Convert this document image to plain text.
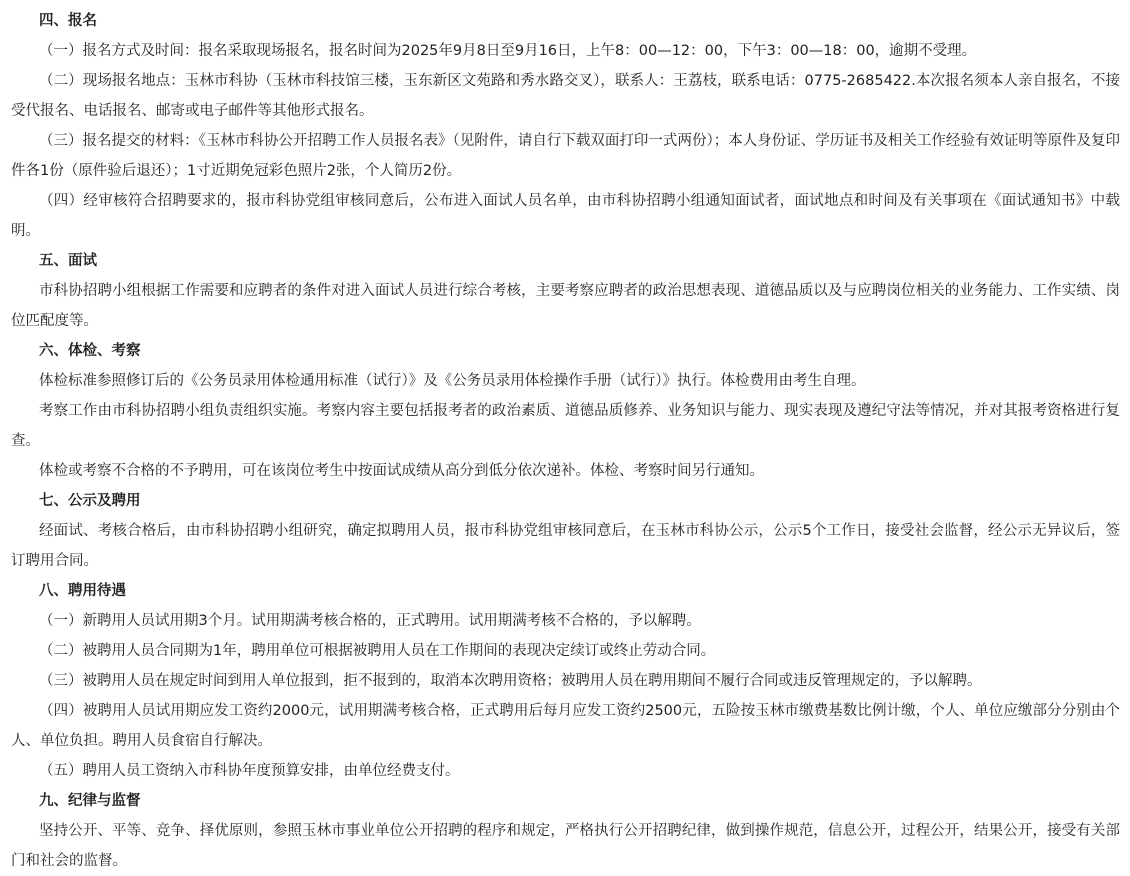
四、报名

（一）报名方式及时间：报名采取现场报名，报名时间为2025年9月8日至9月16日，上午8：00—12：00，下午3：00—18：00，逾期不受理。

（二）现场报名地点：玉林市科协（玉林市科技馆三楼，玉东新区文苑路和秀水路交叉），联系人：王荔枝，联系电话：0775-2685422.本次报名须本人亲自报名，不接受代报名、电话报名、邮寄或电子邮件等其他形式报名。

（三）报名提交的材料：《玉林市科协公开招聘工作人员报名表》（见附件，请自行下载双面打印一式两份）；本人身份证、学历证书及相关工作经验有效证明等原件及复印件各1份（原件验后退还）；1寸近期免冠彩色照片2张，个人简历2份。

（四）经审核符合招聘要求的，报市科协党组审核同意后，公布进入面试人员名单，由市科协招聘小组通知面试者，面试地点和时间及有关事项在《面试通知书》中载明。

五、面试

市科协招聘小组根据工作需要和应聘者的条件对进入面试人员进行综合考核，主要考察应聘者的政治思想表现、道德品质以及与应聘岗位相关的业务能力、工作实绩、岗位匹配度等。

六、体检、考察

体检标准参照修订后的《公务员录用体检通用标准（试行）》及《公务员录用体检操作手册（试行）》执行。体检费用由考生自理。

考察工作由市科协招聘小组负责组织实施。考察内容主要包括报考者的政治素质、道德品质修养、业务知识与能力、现实表现及遵纪守法等情况，并对其报考资格进行复查。

体检或考察不合格的不予聘用，可在该岗位考生中按面试成绩从高分到低分依次递补。体检、考察时间另行通知。

七、公示及聘用

经面试、考核合格后，由市科协招聘小组研究，确定拟聘用人员，报市科协党组审核同意后，在玉林市科协公示，公示5个工作日，接受社会监督，经公示无异议后，签订聘用合同。

八、聘用待遇

（一）新聘用人员试用期3个月。试用期满考核合格的，正式聘用。试用期满考核不合格的，予以解聘。

（二）被聘用人员合同期为1年，聘用单位可根据被聘用人员在工作期间的表现决定续订或终止劳动合同。

（三）被聘用人员在规定时间到用人单位报到，拒不报到的，取消本次聘用资格；被聘用人员在聘用期间不履行合同或违反管理规定的，予以解聘。

（四）被聘用人员试用期应发工资约2000元，试用期满考核合格，正式聘用后每月应发工资约2500元，五险按玉林市缴费基数比例计缴，个人、单位应缴部分分别由个人、单位负担。聘用人员食宿自行解决。

（五）聘用人员工资纳入市科协年度预算安排，由单位经费支付。

九、纪律与监督

坚持公开、平等、竞争、择优原则，参照玉林市事业单位公开招聘的程序和规定，严格执行公开招聘纪律，做到操作规范，信息公开，过程公开，结果公开，接受有关部门和社会的监督。
